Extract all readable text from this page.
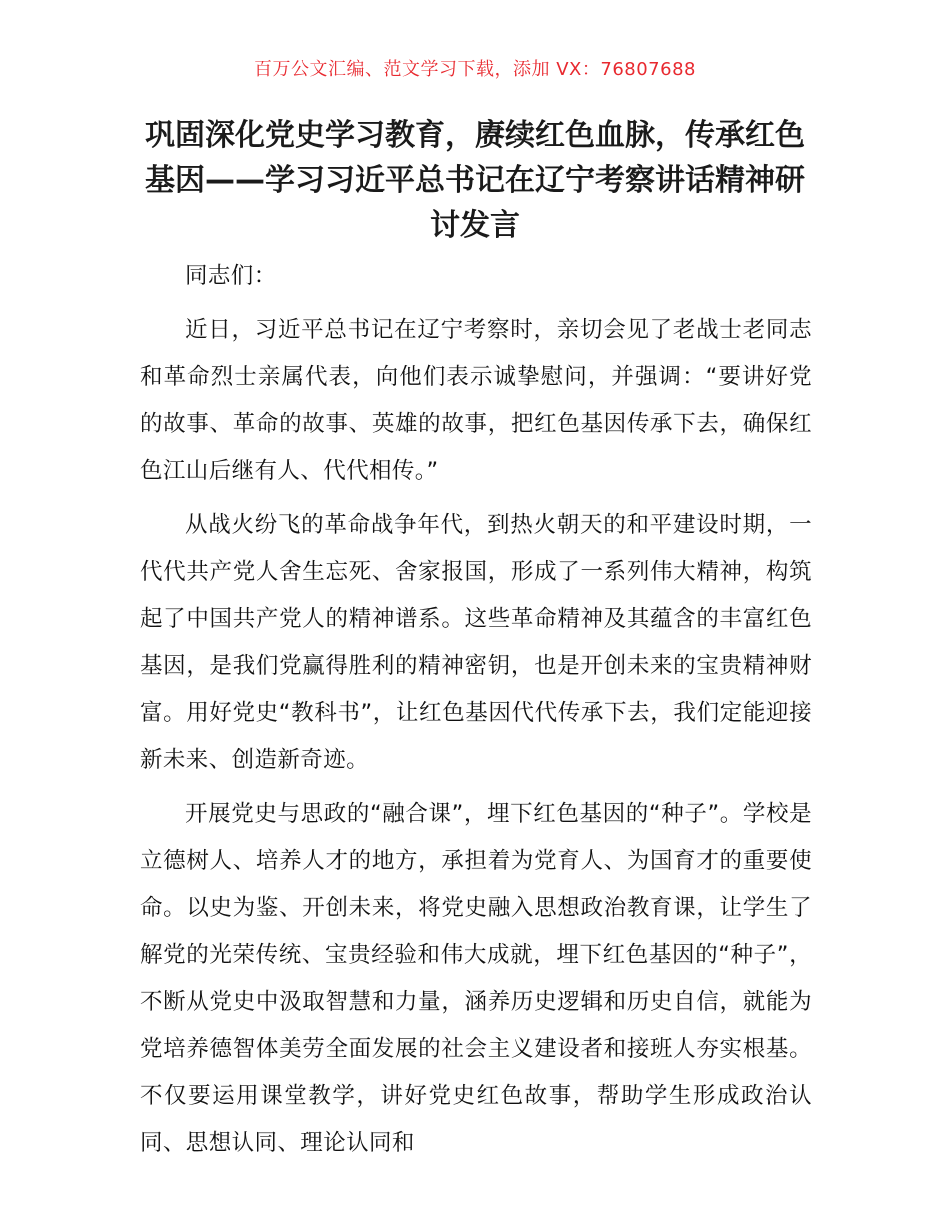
百万公文汇编、范文学习下载，添加 VX：76807688
巩固深化党史学习教育，赓续红色血脉，传承红色基因——学习习近平总书记在辽宁考察讲话精神研讨发言

同志们：

近日，习近平总书记在辽宁考察时，亲切会见了老战士老同志和革命烈士亲属代表，向他们表示诚挚慰问，并强调：“要讲好党的故事、革命的故事、英雄的故事，把红色基因传承下去，确保红色江山后继有人、代代相传。”

从战火纷飞的革命战争年代，到热火朝天的和平建设时期，一代代共产党人舍生忘死、舍家报国，形成了一系列伟大精神，构筑起了中国共产党人的精神谱系。这些革命精神及其蕴含的丰富红色基因，是我们党赢得胜利的精神密钥，也是开创未来的宝贵精神财富。用好党史“教科书”，让红色基因代代传承下去，我们定能迎接新未来、创造新奇迹。

开展党史与思政的“融合课”，埋下红色基因的“种子”。学校是立德树人、培养人才的地方，承担着为党育人、为国育才的重要使命。以史为鉴、开创未来，将党史融入思想政治教育课，让学生了解党的光荣传统、宝贵经验和伟大成就，埋下红色基因的“种子”，不断从党史中汲取智慧和力量，涵养历史逻辑和历史自信，就能为党培养德智体美劳全面发展的社会主义建设者和接班人夯实根基。不仅要运用课堂教学，讲好党史红色故事，帮助学生形成政治认同、思想认同、理论认同和
